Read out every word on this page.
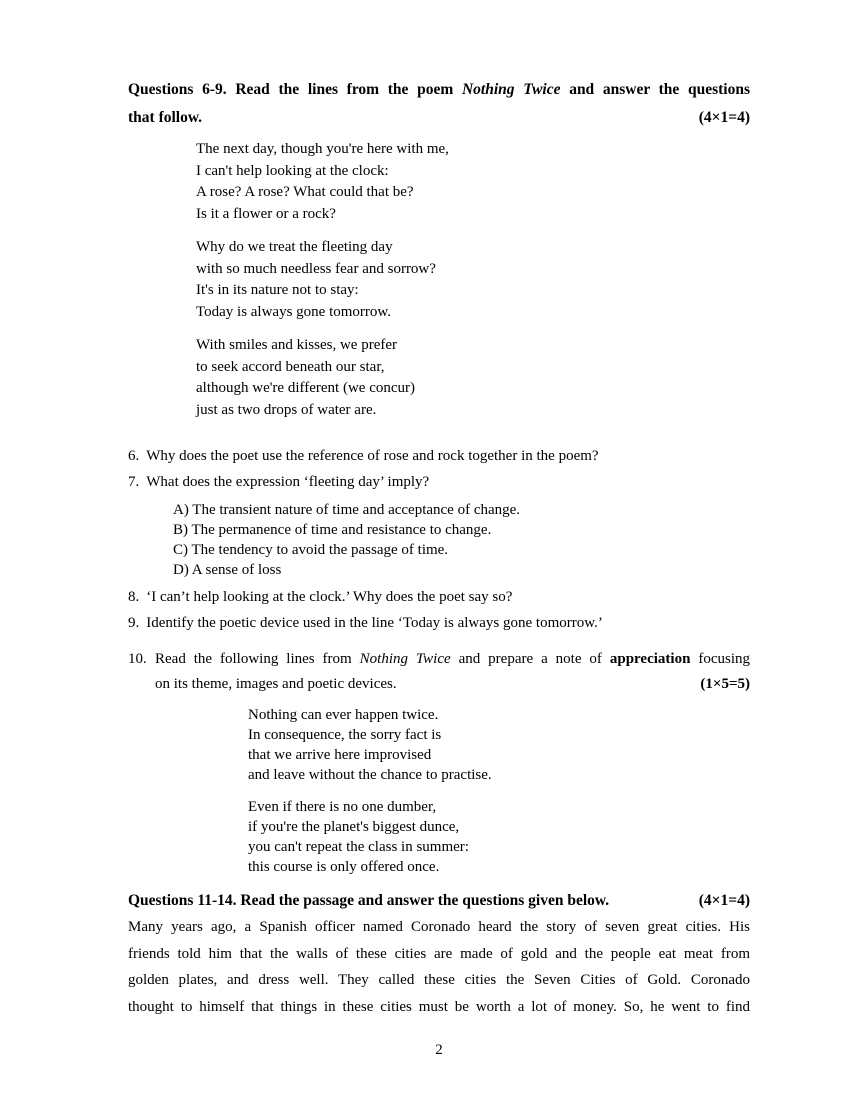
Questions 6-9. Read the lines from the poem Nothing Twice and answer the questions
that follow.	(4×1=4)
The next day, though you're here with me,
I can't help looking at the clock:
A rose? A rose? What could that be?
Is it a flower or a rock?
Why do we treat the fleeting day
with so much needless fear and sorrow?
It's in its nature not to stay:
Today is always gone tomorrow.
With smiles and kisses, we prefer
to seek accord beneath our star,
although we're different (we concur)
just as two drops of water are.
6. Why does the poet use the reference of rose and rock together in the poem?
7. What does the expression ‘fleeting day’ imply?
A) The transient nature of time and acceptance of change.
B) The permanence of time and resistance to change.
C) The tendency to avoid the passage of time.
D) A sense of loss
8. ‘I can’t help looking at the clock.’ Why does the poet say so?
9. Identify the poetic device used in the line ‘Today is always gone tomorrow.’
10. Read the following lines from Nothing Twice and prepare a note of appreciation focusing
on its theme, images and poetic devices.	(1×5=5)
Nothing can ever happen twice.
In consequence, the sorry fact is
that we arrive here improvised
and leave without the chance to practise.
Even if there is no one dumber,
if you're the planet's biggest dunce,
you can't repeat the class in summer:
this course is only offered once.
Questions 11-14. Read the passage and answer the questions given below.	(4×1=4)
Many years ago, a Spanish officer named Coronado heard the story of seven great cities. His
friends told him that the walls of these cities are made of gold and the people eat meat from
golden plates, and dress well. They called these cities the Seven Cities of Gold. Coronado
thought to himself that things in these cities must be worth a lot of money. So, he went to find
2
